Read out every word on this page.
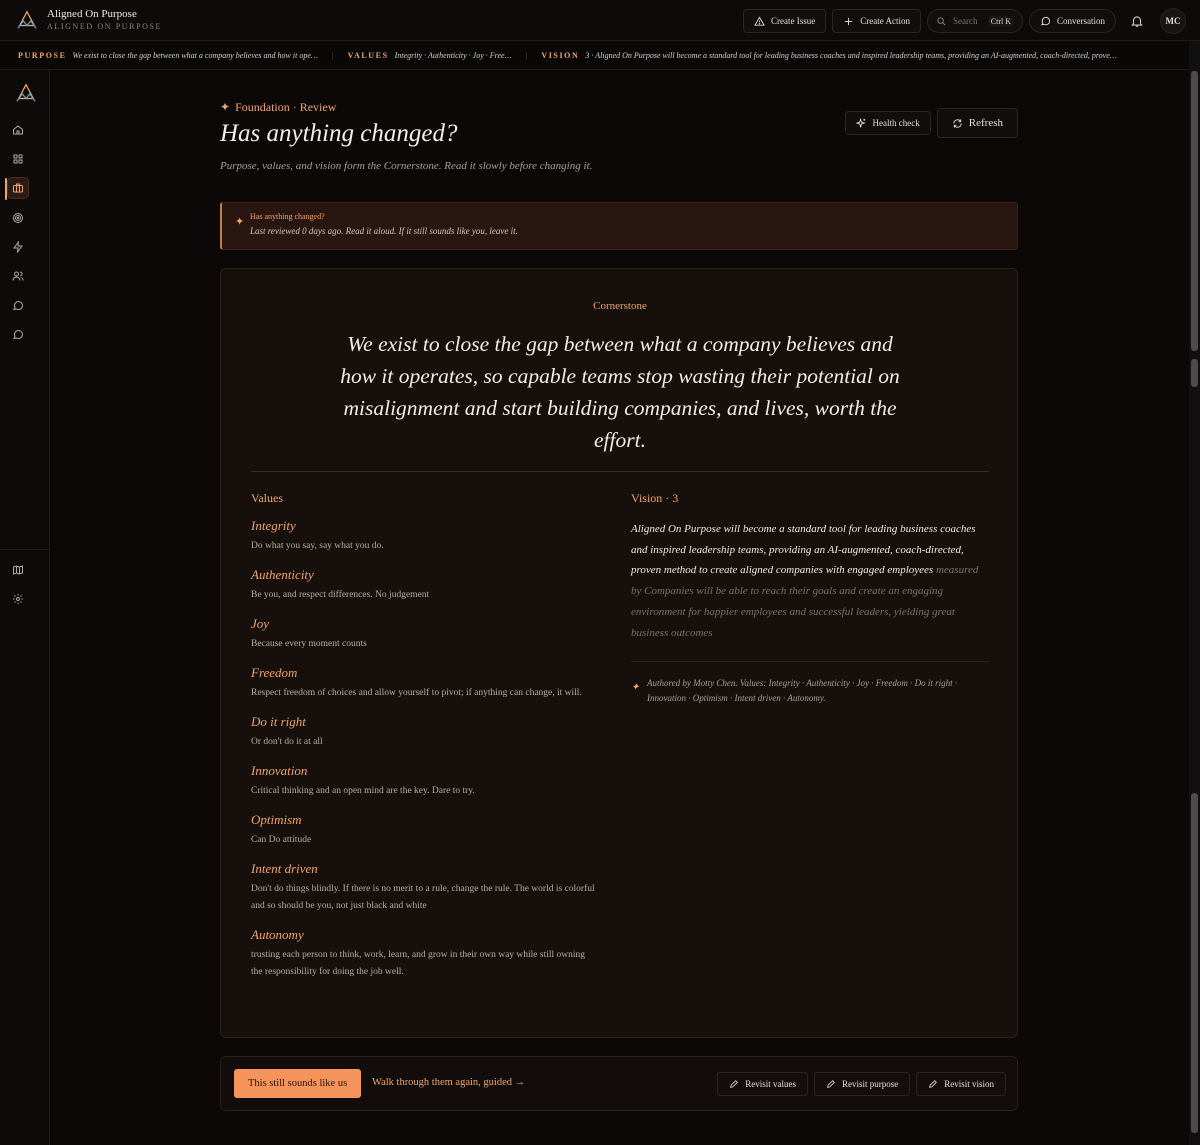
Aligned On Purpose
ALIGNED ON PURPOSE	Create Issue	Create Action	Search	Ctrl K	Conversation	MC
PURPOSE We exist to close the gap between what a company believes and how it ope… | VALUES Integrity · Authenticity · Joy · Free… | VISION 3 · Aligned On Purpose will become a standard tool for leading business coaches and inspired leadership teams, providing an AI-augmented, coach-directed, prove…
✦ Foundation · Review
Has anything changed?
Purpose, values, and vision form the Cornerstone. Read it slowly before changing it.
Health check	Refresh
✦ Has anything changed?
Last reviewed 0 days ago. Read it aloud. If it still sounds like you, leave it.
Cornerstone
We exist to close the gap between what a company believes and how it operates, so capable teams stop wasting their potential on misalignment and start building companies, and lives, worth the effort.
Values
Integrity
Do what you say, say what you do.
Authenticity
Be you, and respect differences. No judgement
Joy
Because every moment counts
Freedom
Respect freedom of choices and allow yourself to pivot; if anything can change, it will.
Do it right
Or don't do it at all
Innovation
Critical thinking and an open mind are the key. Dare to try.
Optimism
Can Do attitude
Intent driven
Don't do things blindly. If there is no merit to a rule, change the rule. The world is colorful and so should be you, not just black and white
Autonomy
trusting each person to think, work, learn, and grow in their own way while still owning the responsibility for doing the job well.
Vision · 3
Aligned On Purpose will become a standard tool for leading business coaches and inspired leadership teams, providing an AI-augmented, coach-directed, proven method to create aligned companies with engaged employees measured by Companies will be able to reach their goals and create an engaging environment for happier employees and successful leaders, yielding great business outcomes
✦ Authored by Motty Chen. Values: Integrity · Authenticity · Joy · Freedom · Do it right · Innovation · Optimism · Intent driven · Autonomy.
This still sounds like us	Walk through them again, guided →	Revisit values	Revisit purpose	Revisit vision
